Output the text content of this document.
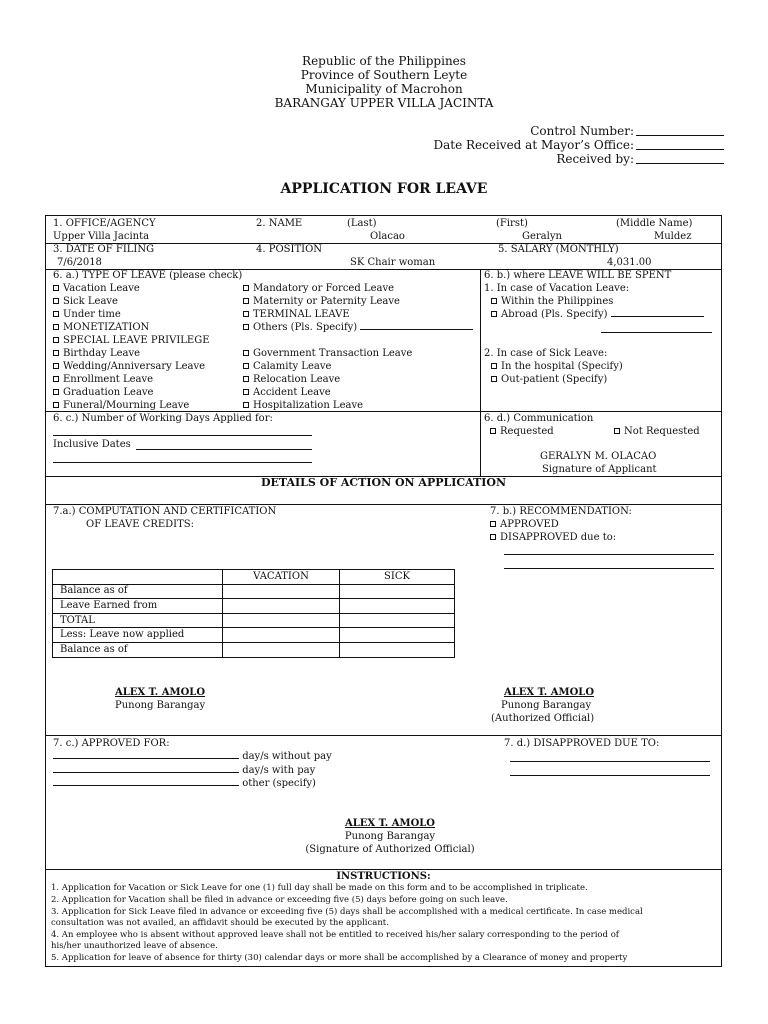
Republic of the Philippines
Province of Southern Leyte
Municipality of Macrohon
BARANGAY UPPER VILLA JACINTA
Control Number:
Date Received at Mayor’s Office:
Received by:
APPLICATION FOR LEAVE
1. OFFICE/AGENCY
Upper Villa Jacinta
2. NAME	(Last)	(First)	(Middle Name)
Olacao	Geralyn	Muldez
3. DATE OF FILING
7/6/2018
4. POSITION
SK Chair woman
5. SALARY (MONTHLY)
4,031.00
6. a.) TYPE OF LEAVE (please check)
Vacation Leave
Sick Leave
Under time
MONETIZATION
SPECIAL LEAVE PRIVILEGE
Birthday Leave
Wedding/Anniversary Leave
Enrollment Leave
Graduation Leave
Funeral/Mourning Leave
Mandatory or Forced Leave
Maternity or Paternity Leave
TERMINAL LEAVE
Others (Pls. Specify)
Government Transaction Leave
Calamity Leave
Relocation Leave
Accident Leave
Hospitalization Leave
6. b.) where LEAVE WILL BE SPENT
1. In case of Vacation Leave:
Within the Philippines
Abroad (Pls. Specify)
2. In case of Sick Leave:
In the hospital (Specify)
Out-patient (Specify)
6. c.) Number of Working Days Applied for:
Inclusive Dates
6. d.) Communication
Requested	Not Requested
GERALYN M. OLACAO
Signature of Applicant
DETAILS OF ACTION ON APPLICATION
7.a.) COMPUTATION AND CERTIFICATION
OF LEAVE CREDITS:
	VACATION	SICK
Balance as of		
Leave Earned from		
TOTAL		
Less: Leave now applied		
Balance as of		
7. b.) RECOMMENDATION:
APPROVED
DISAPPROVED due to:
ALEX T. AMOLO
Punong Barangay
ALEX T. AMOLO
Punong Barangay
(Authorized Official)
7. c.) APPROVED FOR:
day/s without pay
day/s with pay
other (specify)
7. d.) DISAPPROVED DUE TO:
ALEX T. AMOLO
Punong Barangay
(Signature of Authorized Official)
INSTRUCTIONS:
1. Application for Vacation or Sick Leave for one (1) full day shall be made on this form and to be accomplished in triplicate.
2. Application for Vacation shall be filed in advance or exceeding five (5) days before going on such leave.
3. Application for Sick Leave filed in advance or exceeding five (5) days shall be accomplished with a medical certificate. In case medical
consultation was not availed, an affidavit should be executed by the applicant.
4. An employee who is absent without approved leave shall not be entitled to received his/her salary corresponding to the period of
his/her unauthorized leave of absence.
5. Application for leave of absence for thirty (30) calendar days or more shall be accomplished by a Clearance of money and property
